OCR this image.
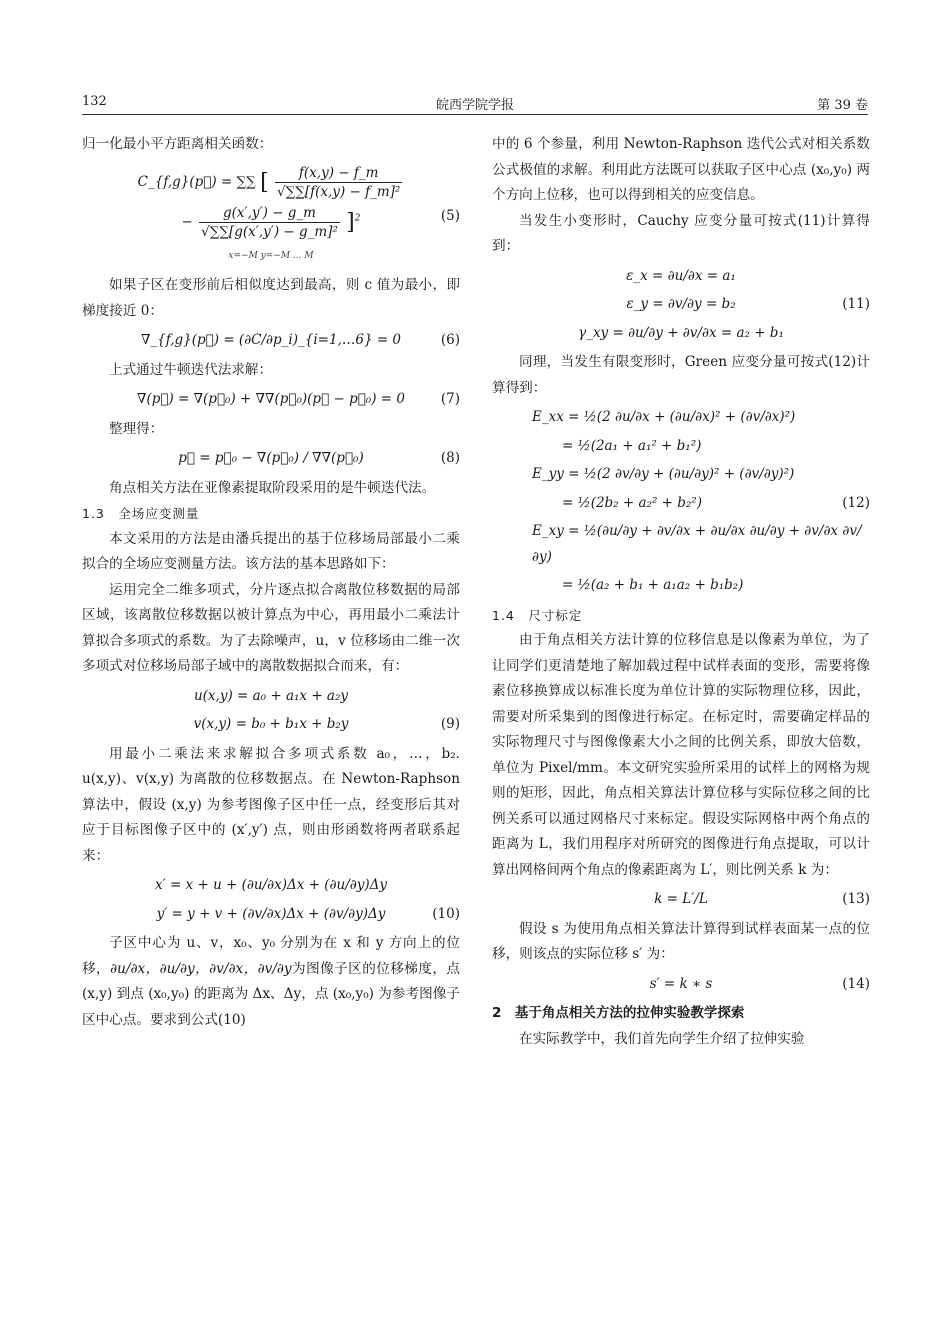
132	皖西学院学报	第 39 卷

归一化最小平方距离相关函数：

C_{f,g}(p⃗) = ∑∑ [ $\frac{f(x,y) - f\_m}{\text{√∑∑[f(x,y) − f\_m]²}}$
− $\frac{g(x',y') - g\_m}{\text{√∑∑[g(x′,y′) − g\_m]²}} ]^2$	(5)
x=−M y=−M ... M

如果子区在变形前后相似度达到最高，则 c 值为最小，即梯度接近 0：

∇_{f,g}(p⃗) = (∂C/∂p_i)_{i=1,…6} = 0	(6)

上式通过牛顿迭代法求解：

∇(p⃗) = ∇(p⃗₀) + ∇∇(p⃗₀)(p⃗ − p⃗₀) = 0	(7)

整理得：

p⃗ = p⃗₀ − ∇(p⃗₀) / ∇∇(p⃗₀)	(8)

角点相关方法在亚像素提取阶段采用的是牛顿迭代法。

1.3　全场应变测量

本文采用的方法是由潘兵提出的基于位移场局部最小二乘拟合的全场应变测量方法。该方法的基本思路如下：

运用完全二维多项式，分片逐点拟合离散位移数据的局部区域，该离散位移数据以被计算点为中心，再用最小二乘法计算拟合多项式的系数。为了去除噪声，u，v 位移场由二维一次多项式对位移场局部子域中的离散数据拟合而来，有：

u(x,y) = a₀ + a₁x + a₂y
v(x,y) = b₀ + b₁x + b₂y	(9)

用最小二乘法来求解拟合多项式系数 a₀，…，b₂. u(x,y)、v(x,y) 为离散的位移数据点。在 Newton-Raphson 算法中，假设 (x,y) 为参考图像子区中任一点，经变形后其对应于目标图像子区中的 (x′,y′) 点，则由形函数将两者联系起来：

x′ = x + u + (∂u/∂x)Δx + (∂u/∂y)Δy
y′ = y + v + (∂v/∂x)Δx + (∂v/∂y)Δy	(10)

子区中心为 u、v，x₀、y₀ 分别为在 x 和 y 方向上的位移，∂u/∂x，∂u/∂y，∂v/∂x，∂v/∂y为图像子区的位移梯度，点 (x,y) 到点 (x₀,y₀) 的距离为 Δx、Δy，点 (x₀,y₀) 为参考图像子区中心点。要求到公式(10)

中的 6 个参量，利用 Newton-Raphson 迭代公式对相关系数公式极值的求解。利用此方法既可以获取子区中心点 (x₀,y₀) 两个方向上位移，也可以得到相关的应变信息。

当发生小变形时，Cauchy 应变分量可按式(11)计算得到：

ε_x = ∂u/∂x = a₁
ε_y = ∂v/∂y = b₂	(11)
γ_xy = ∂u/∂y + ∂v/∂x = a₂ + b₁

同理，当发生有限变形时，Green 应变分量可按式(12)计算得到：

E_xx = ½(2 ∂u/∂x + (∂u/∂x)² + (∂v/∂x)²)
= ½(2a₁ + a₁² + b₁²)
E_yy = ½(2 ∂v/∂y + (∂u/∂y)² + (∂v/∂y)²)
= ½(2b₂ + a₂² + b₂²)	(12)
E_xy = ½(∂u/∂y + ∂v/∂x + ∂u/∂x ∂u/∂y + ∂v/∂x ∂v/∂y)
= ½(a₂ + b₁ + a₁a₂ + b₁b₂)

1.4　尺寸标定

由于角点相关方法计算的位移信息是以像素为单位，为了让同学们更清楚地了解加载过程中试样表面的变形，需要将像素位移换算成以标准长度为单位计算的实际物理位移，因此，需要对所采集到的图像进行标定。在标定时，需要确定样品的实际物理尺寸与图像像素大小之间的比例关系，即放大倍数，单位为 Pixel/mm。本文研究实验所采用的试样上的网格为规则的矩形，因此，角点相关算法计算位移与实际位移之间的比例关系可以通过网格尺寸来标定。假设实际网格中两个角点的距离为 L，我们用程序对所研究的图像进行角点提取，可以计算出网格间两个角点的像素距离为 L′，则比例关系 k 为：

k = L′/L	(13)

假设 s 为使用角点相关算法计算得到试样表面某一点的位移，则该点的实际位移 s′ 为：

s′ = k ∗ s	(14)

2　基于角点相关方法的拉伸实验教学探索

在实际教学中，我们首先向学生介绍了拉伸实验
